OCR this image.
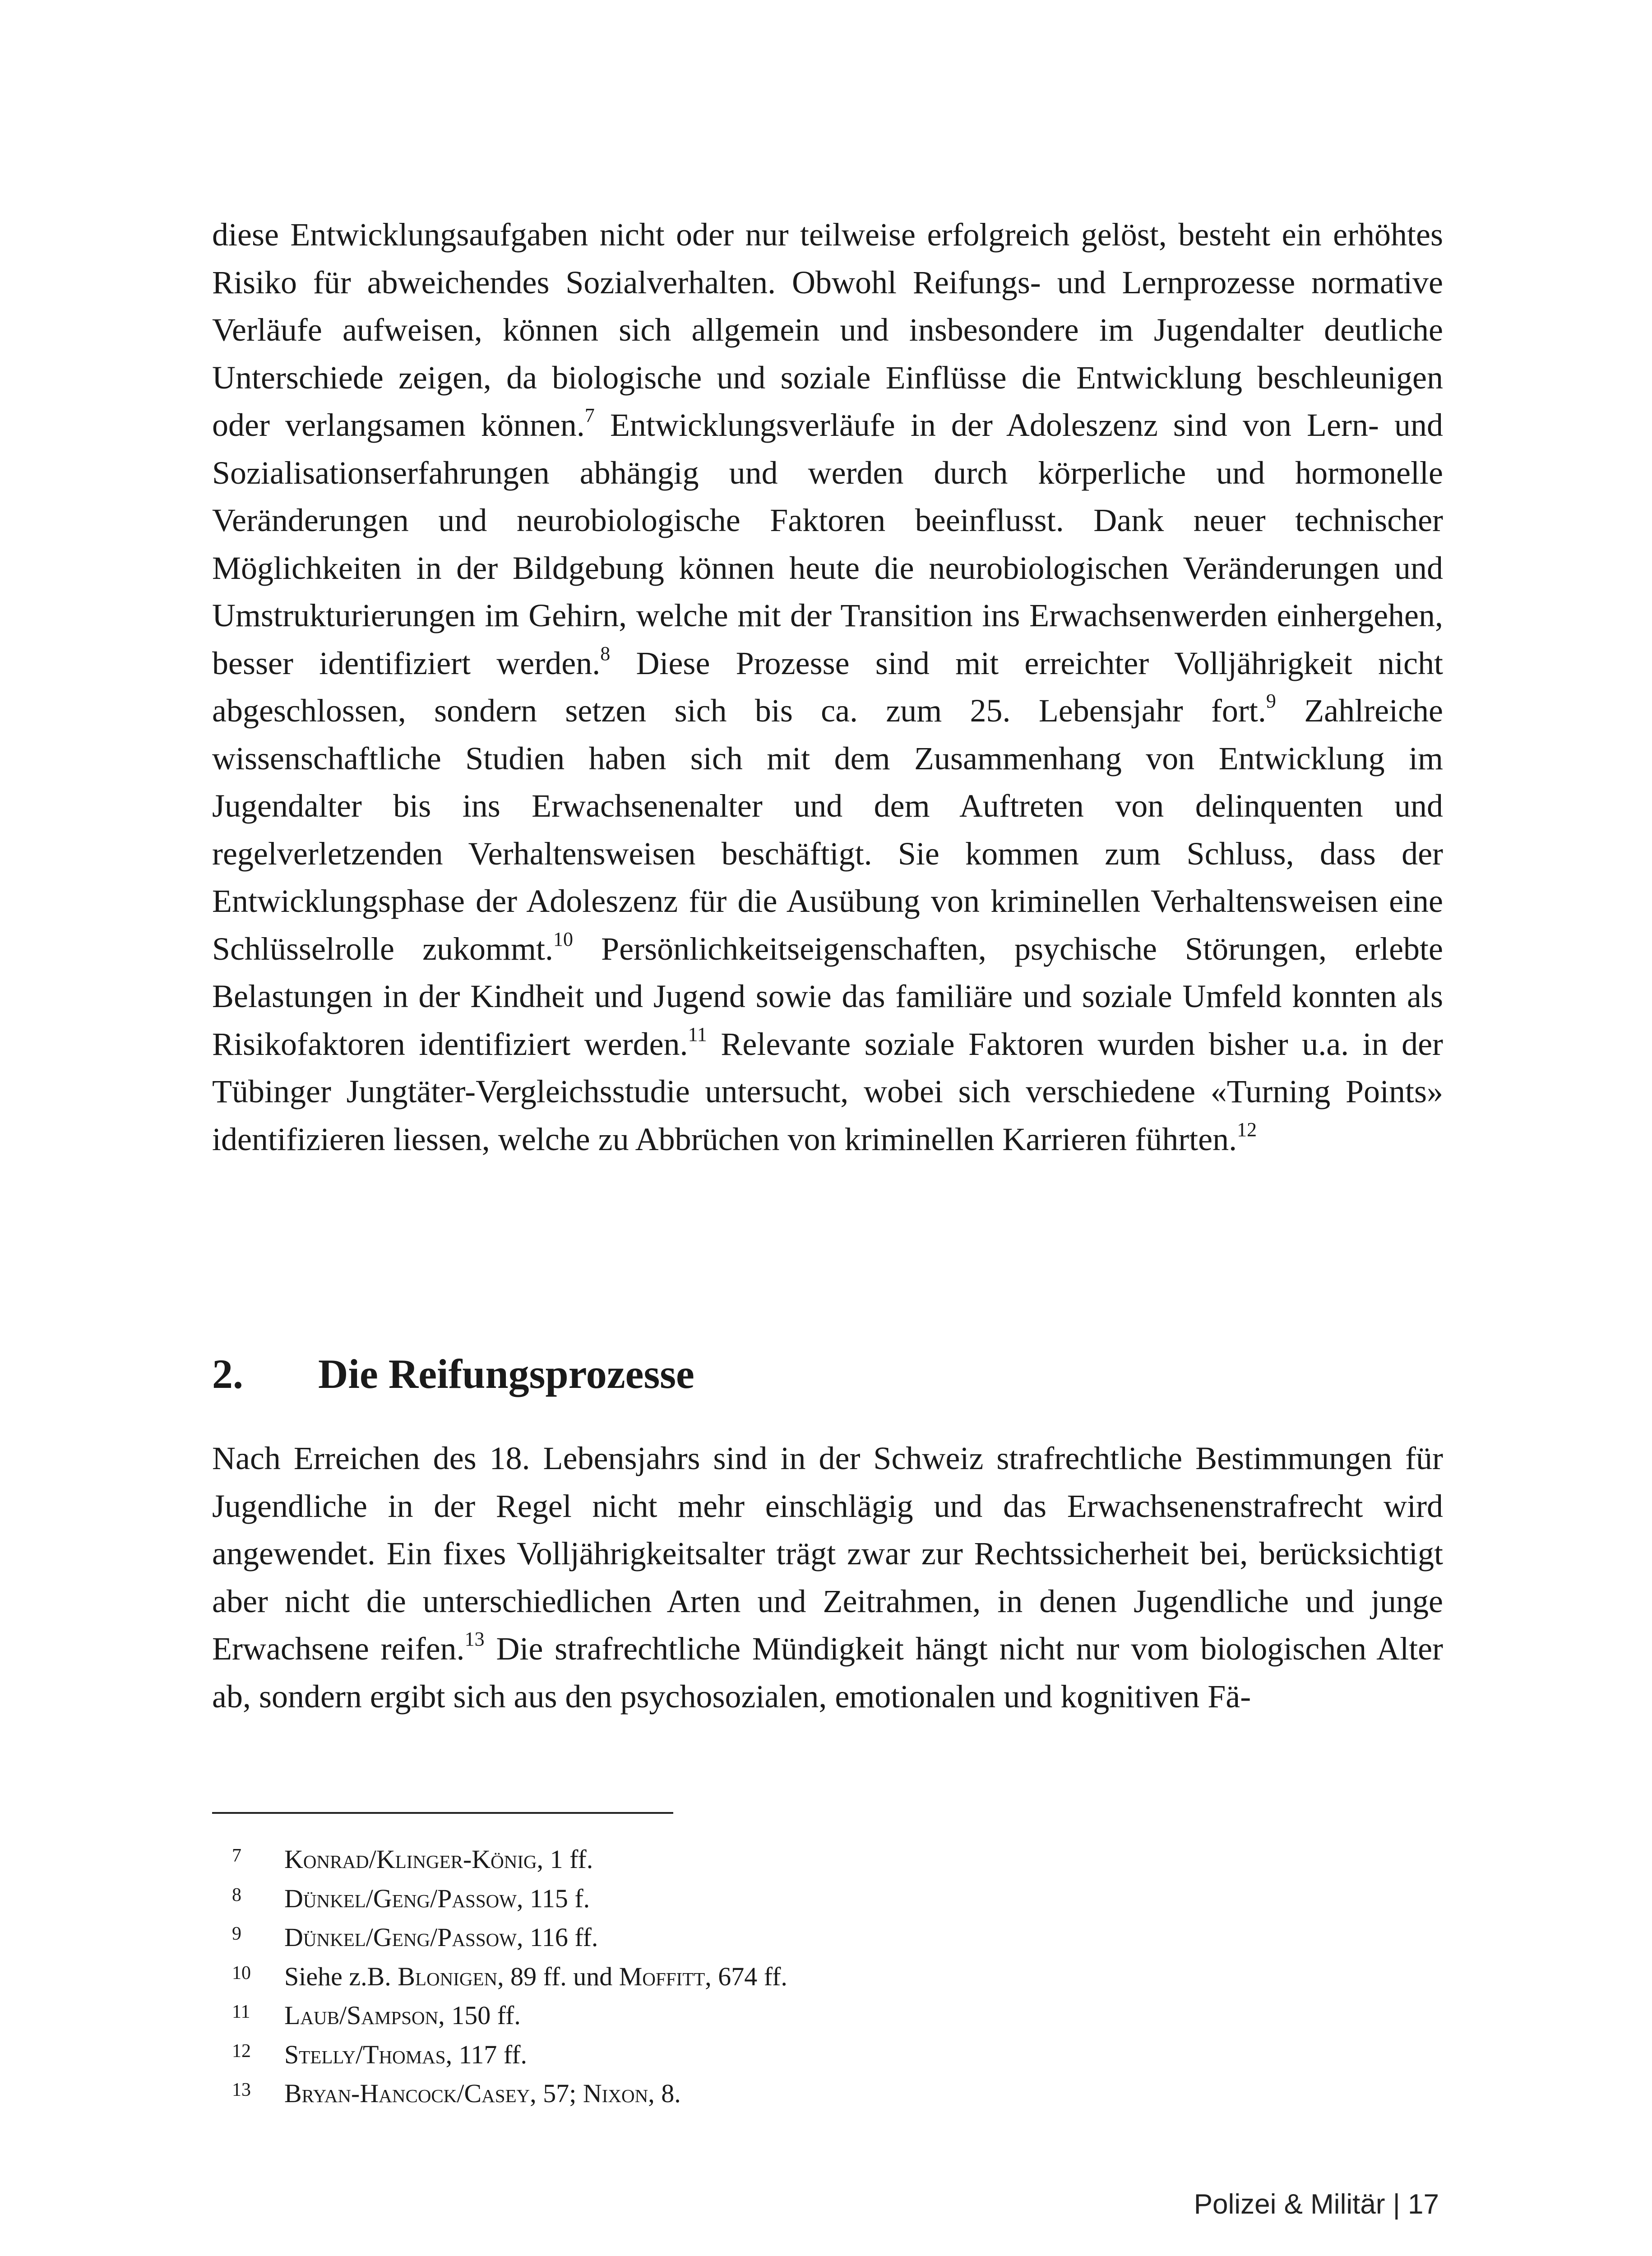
diese Entwicklungsaufgaben nicht oder nur teilweise erfolgreich gelöst, besteht ein erhöhtes Risiko für abweichendes Sozialverhalten. Obwohl Reifungs- und Lernprozesse normative Verläufe aufweisen, können sich allgemein und insbesondere im Jugendalter deutliche Unterschiede zeigen, da biologische und soziale Einflüsse die Entwicklung beschleunigen oder verlangsamen können.$^7$ Entwicklungsverläufe in der Adoleszenz sind von Lern- und Sozialisationserfahrungen abhängig und werden durch körperliche und hormonelle Veränderungen und neurobiologische Faktoren beeinflusst. Dank neuer technischer Möglichkeiten in der Bildgebung können heute die neurobiologischen Veränderungen und Umstrukturierungen im Gehirn, welche mit der Transition ins Erwachsenwerden einhergehen, besser identifiziert werden.$^8$ Diese Prozesse sind mit erreichter Volljährigkeit nicht abgeschlossen, sondern setzen sich bis ca. zum 25. Lebensjahr fort.$^9$ Zahlreiche wissenschaftliche Studien haben sich mit dem Zusammenhang von Entwicklung im Jugendalter bis ins Erwachsenenalter und dem Auftreten von delinquenten und regelverletzenden Verhaltensweisen beschäftigt. Sie kommen zum Schluss, dass der Entwicklungsphase der Adoleszenz für die Ausübung von kriminellen Verhaltensweisen eine Schlüsselrolle zukommt.$^{10}$ Persönlichkeitseigenschaften, psychische Störungen, erlebte Belastungen in der Kindheit und Jugend sowie das familiäre und soziale Umfeld konnten als Risikofaktoren identifiziert werden.$^{11}$ Relevante soziale Faktoren wurden bisher u.a. in der Tübinger Jungtäter-Vergleichsstudie untersucht, wobei sich verschiedene «Turning Points» identifizieren liessen, welche zu Abbrüchen von kriminellen Karrieren führten.$^{12}$

2. Die Reifungsprozesse

Nach Erreichen des 18. Lebensjahrs sind in der Schweiz strafrechtliche Bestimmungen für Jugendliche in der Regel nicht mehr einschlägig und das Erwachsenenstrafrecht wird angewendet. Ein fixes Volljährigkeitsalter trägt zwar zur Rechtssicherheit bei, berücksichtigt aber nicht die unterschiedlichen Arten und Zeitrahmen, in denen Jugendliche und junge Erwachsene reifen.$^{13}$ Die strafrechtliche Mündigkeit hängt nicht nur vom biologischen Alter ab, sondern ergibt sich aus den psychosozialen, emotionalen und kognitiven Fä-

7 Konrad/Klinger-König, 1 ff.
8 Dünkel/Geng/Passow, 115 f.
9 Dünkel/Geng/Passow, 116 ff.
10 Siehe z.B. Blonigen, 89 ff. und Moffitt, 674 ff.
11 Laub/Sampson, 150 ff.
12 Stelly/Thomas, 117 ff.
13 Bryan-Hancock/Casey, 57; Nixon, 8.
Polizei & Militär | 17
